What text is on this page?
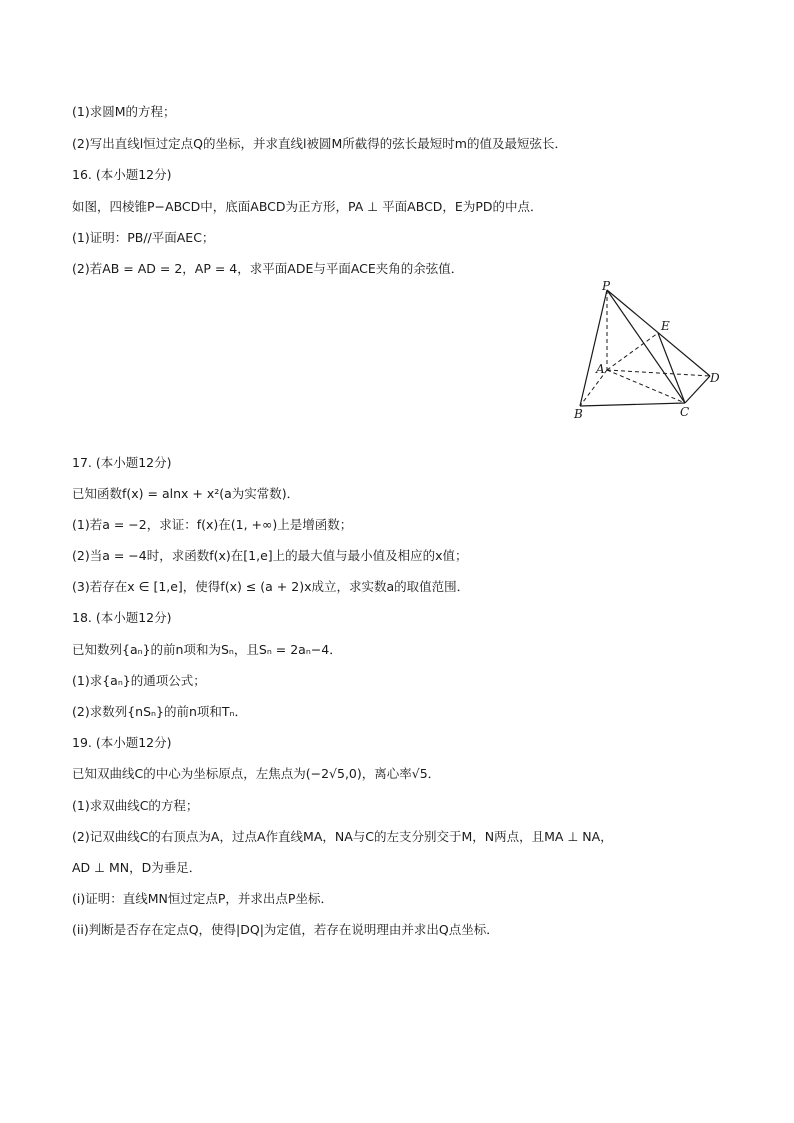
(1)求圆M的方程；
(2)写出直线l恒过定点Q的坐标，并求直线l被圆M所截得的弦长最短时m的值及最短弦长．
16. (本小题12分)
如图，四棱锥P−ABCD中，底面ABCD为正方形，PA ⊥ 平面ABCD，E为PD的中点．
(1)证明：PB//平面AEC；
(2)若AB = AD = 2，AP = 4，求平面ADE与平面ACE夹角的余弦值．
P
E
A
D
B	C
17. (本小题12分)
已知函数f(x) = alnx + x²(a为实常数)．
(1)若a = −2，求证：f(x)在(1, +∞)上是增函数；
(2)当a = −4时，求函数f(x)在[1,e]上的最大值与最小值及相应的x值；
(3)若存在x ∈ [1,e]，使得f(x) ≤ (a + 2)x成立，求实数a的取值范围．
18. (本小题12分)
已知数列{aₙ}的前n项和为Sₙ，且Sₙ = 2aₙ−4．
(1)求{aₙ}的通项公式；
(2)求数列{nSₙ}的前n项和Tₙ．
19. (本小题12分)
已知双曲线C的中心为坐标原点，左焦点为(−2√5,0)，离心率√5．
(1)求双曲线C的方程；
(2)记双曲线C的右顶点为A，过点A作直线MA，NA与C的左支分别交于M，N两点，且MA ⊥ NA，
AD ⊥ MN，D为垂足．
(i)证明：直线MN恒过定点P，并求出点P坐标．
(ii)判断是否存在定点Q，使得|DQ|为定值，若存在说明理由并求出Q点坐标．
